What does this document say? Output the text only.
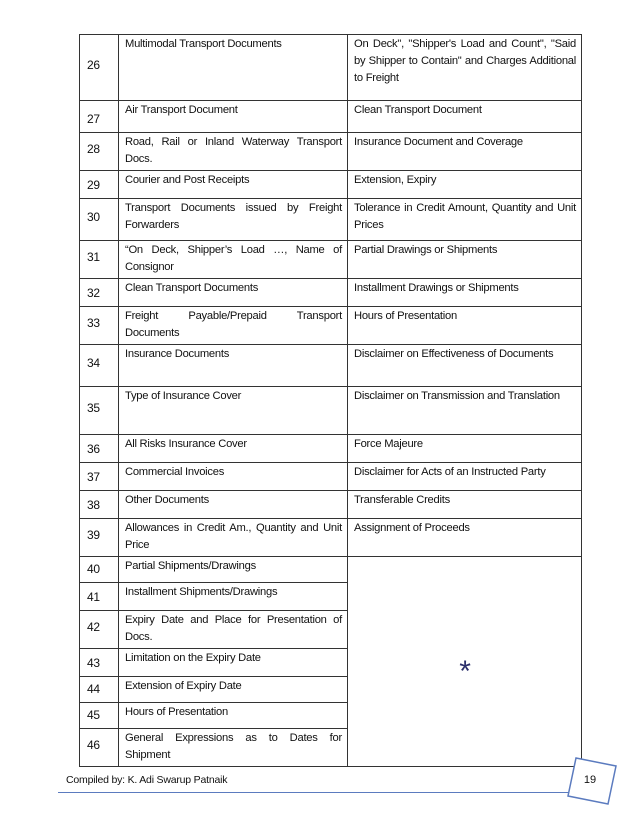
26	Multimodal Transport Documents	On Deck", "Shipper's Load and Count", "Said by Shipper to Contain" and Charges Additional to Freight
27	Air Transport Document	Clean Transport Document
28	Road, Rail or Inland Waterway Transport Docs.	Insurance Document and Coverage
29	Courier and Post Receipts	Extension, Expiry
30	Transport Documents issued by Freight Forwarders	Tolerance in Credit Amount, Quantity and Unit Prices
31	“On Deck, Shipper’s Load …, Name of Consignor	Partial Drawings or Shipments
32	Clean Transport Documents	Installment Drawings or Shipments
33	Freight Payable/Prepaid Transport Documents	Hours of Presentation
34	Insurance Documents	Disclaimer on Effectiveness of Documents
35	Type of Insurance Cover	Disclaimer on Transmission and Translation
36	All Risks Insurance Cover	Force Majeure
37	Commercial Invoices	Disclaimer for Acts of an Instructed Party
38	Other Documents	Transferable Credits
39	Allowances in Credit Am., Quantity and Unit Price	Assignment of Proceeds
40	Partial Shipments/Drawings	*
41	Installment Shipments/Drawings	
42	Expiry Date and Place for Presentation of Docs.	
43	Limitation on the Expiry Date	
44	Extension of Expiry Date	
45	Hours of Presentation	
46	General Expressions as to Dates for Shipment	
Compiled by: K. Adi Swarup Patnaik	19
